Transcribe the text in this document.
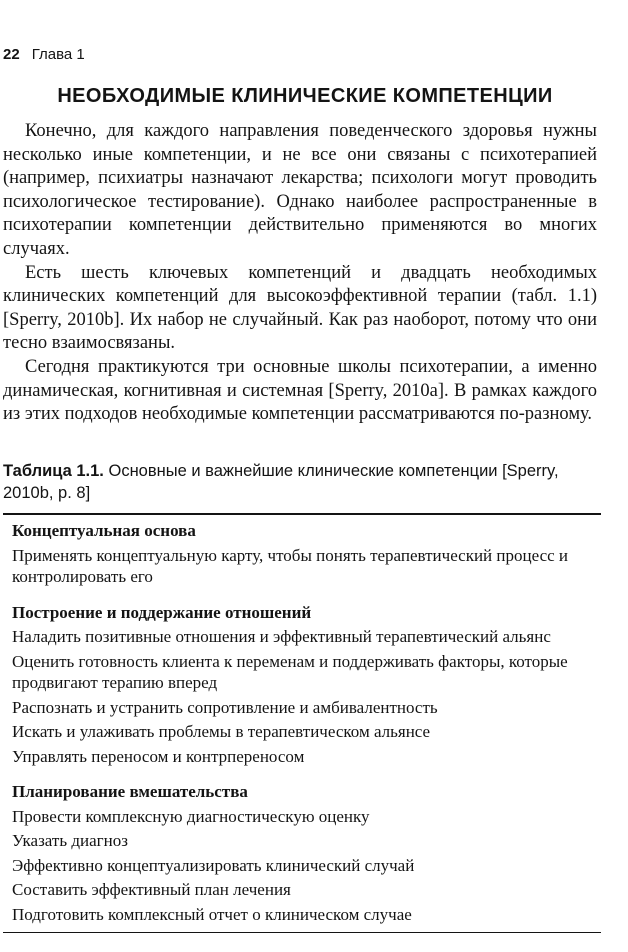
22 Глава 1
НЕОБХОДИМЫЕ КЛИНИЧЕСКИЕ КОМПЕТЕНЦИИ

Конечно, для каждого направления поведенческого здоровья нужны несколько иные компетенции, и не все они связаны с психотерапией (например, психиатры назначают лекарства; психологи могут проводить психологическое тестирование). Однако наиболее распространенные в психотерапии компетенции действительно применяются во многих случаях.

Есть шесть ключевых компетенций и двадцать необходимых клинических компетенций для высокоэффективной терапии (табл. 1.1) [Sperry, 2010b]. Их набор не случайный. Как раз наоборот, потому что они тесно взаимосвязаны.

Сегодня практикуются три основные школы психотерапии, а именно динамическая, когнитивная и системная [Sperry, 2010a]. В рамках каждого из этих подходов необходимые компетенции рассматриваются по-разному.

Таблица 1.1. Основные и важнейшие клинические компетенции [Sperry, 2010b, p. 8]
Концептуальная основа
Применять концептуальную карту, чтобы понять терапевтический процесс и контролировать его
Построение и поддержание отношений
Наладить позитивные отношения и эффективный терапевтический альянс
Оценить готовность клиента к переменам и поддерживать факторы, которые продвигают терапию вперед
Распознать и устранить сопротивление и амбивалентность
Искать и улаживать проблемы в терапевтическом альянсе
Управлять переносом и контрпереносом
Планирование вмешательства
Провести комплексную диагностическую оценку
Указать диагноз
Эффективно концептуализировать клинический случай
Составить эффективный план лечения
Подготовить комплексный отчет о клиническом случае
